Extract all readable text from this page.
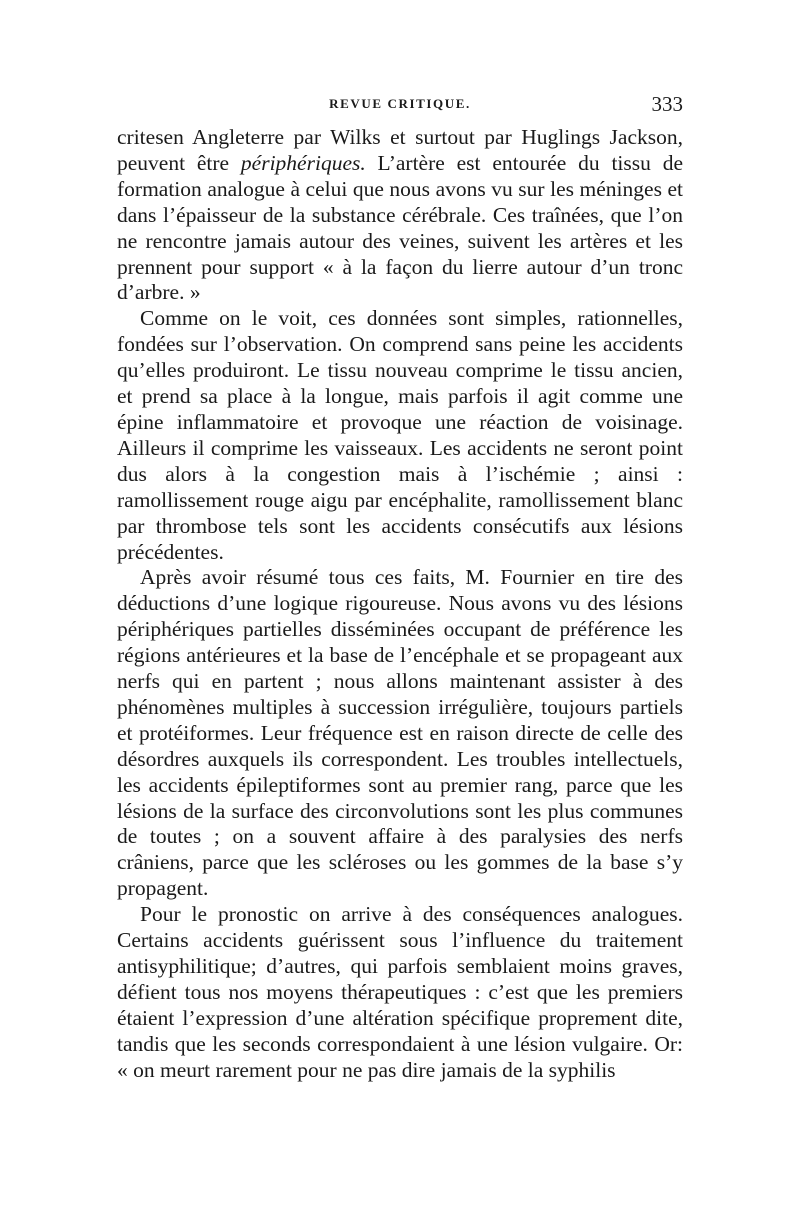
REVUE CRITIQUE.	333

critesen Angleterre par Wilks et surtout par Huglings Jackson, peuvent être périphériques. L’artère est entourée du tissu de formation analogue à celui que nous avons vu sur les méninges et dans l’épaisseur de la substance cérébrale. Ces traînées, que l’on ne rencontre jamais autour des veines, suivent les artères et les prennent pour support « à la façon du lierre autour d’un tronc d’arbre. »

Comme on le voit, ces données sont simples, rationnelles, fondées sur l’observation. On comprend sans peine les accidents qu’elles produiront. Le tissu nouveau comprime le tissu ancien, et prend sa place à la longue, mais parfois il agit comme une épine inflammatoire et provoque une réaction de voisinage. Ailleurs il comprime les vaisseaux. Les accidents ne seront point dus alors à la congestion mais à l’ischémie ; ainsi : ramollissement rouge aigu par encéphalite, ramollissement blanc par thrombose tels sont les accidents consécutifs aux lésions précédentes.

Après avoir résumé tous ces faits, M. Fournier en tire des déductions d’une logique rigoureuse. Nous avons vu des lésions périphériques partielles disséminées occupant de préférence les régions antérieures et la base de l’encéphale et se propageant aux nerfs qui en partent ; nous allons maintenant assister à des phénomènes multiples à succession irrégulière, toujours partiels et protéiformes. Leur fréquence est en raison directe de celle des désordres auxquels ils correspondent. Les troubles intellectuels, les accidents épileptiformes sont au premier rang, parce que les lésions de la surface des circonvolutions sont les plus communes de toutes ; on a souvent affaire à des paralysies des nerfs crâniens, parce que les scléroses ou les gommes de la base s’y propagent.

Pour le pronostic on arrive à des conséquences analogues. Certains accidents guérissent sous l’influence du traitement antisyphilitique; d’autres, qui parfois semblaient moins graves, défient tous nos moyens thérapeutiques : c’est que les premiers étaient l’expression d’une altération spécifique proprement dite, tandis que les seconds correspondaient à une lésion vulgaire. Or: « on meurt rarement pour ne pas dire jamais de la syphilis
